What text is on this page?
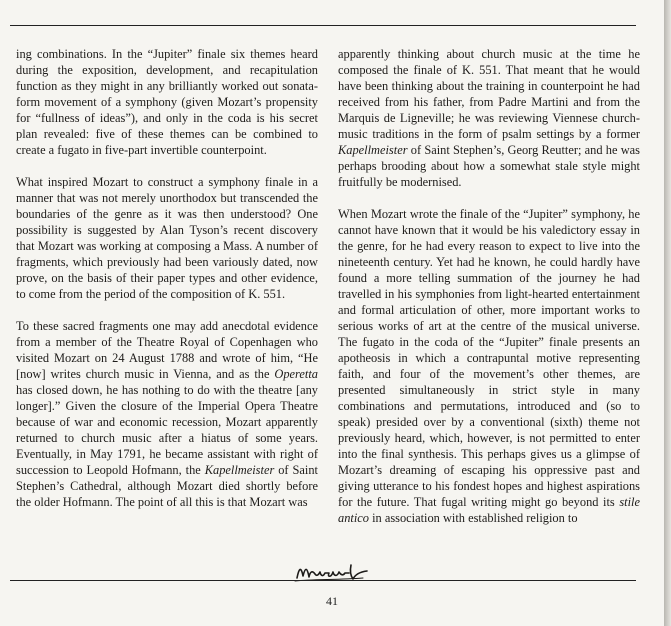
ing combinations. In the “Jupiter” finale six themes heard during the exposition, development, and recapitulation function as they might in any brilliantly worked out sonata-form movement of a symphony (given Mozart’s propensity for “fullness of ideas”), and only in the coda is his secret plan revealed: five of these themes can be combined to create a fugato in five-part invertible counterpoint.

What inspired Mozart to construct a symphony finale in a manner that was not merely unorthodox but transcended the boundaries of the genre as it was then understood? One possibility is suggested by Alan Tyson’s recent discovery that Mozart was working at composing a Mass. A number of fragments, which previously had been variously dated, now prove, on the basis of their paper types and other evidence, to come from the period of the composition of K. 551.

To these sacred fragments one may add anecdotal evidence from a member of the Theatre Royal of Copenhagen who visited Mozart on 24 August 1788 and wrote of him, “He [now] writes church music in Vienna, and as the Operetta has closed down, he has nothing to do with the theatre [any longer].” Given the closure of the Imperial Opera Theatre because of war and economic recession, Mozart apparently returned to church music after a hiatus of some years. Eventually, in May 1791, he became assistant with right of succession to Leopold Hofmann, the Kapellmeister of Saint Stephen’s Cathedral, although Mozart died shortly before the older Hofmann. The point of all this is that Mozart was

apparently thinking about church music at the time he composed the finale of K. 551. That meant that he would have been thinking about the training in counterpoint he had received from his father, from Padre Martini and from the Marquis de Ligneville; he was reviewing Viennese church-music traditions in the form of psalm settings by a former Kapellmeister of Saint Stephen’s, Georg Reutter; and he was perhaps brooding about how a somewhat stale style might fruitfully be modernised.

When Mozart wrote the finale of the “Jupiter” symphony, he cannot have known that it would be his valedictory essay in the genre, for he had every reason to expect to live into the nineteenth century. Yet had he known, he could hardly have found a more telling summation of the journey he had travelled in his symphonies from light-hearted entertainment and formal articulation of other, more important works to serious works of art at the centre of the musical universe. The fugato in the coda of the “Jupiter” finale presents an apotheosis in which a contrapuntal motive representing faith, and four of the movement’s other themes, are presented simultaneously in strict style in many combinations and permutations, introduced and (so to speak) presided over by a conventional (sixth) theme not previously heard, which, however, is not permitted to enter into the final synthesis. This perhaps gives us a glimpse of Mozart’s dreaming of escaping his oppressive past and giving utterance to his fondest hopes and highest aspirations for the future. That fugal writing might go beyond its stile antico in association with established religion to

41
